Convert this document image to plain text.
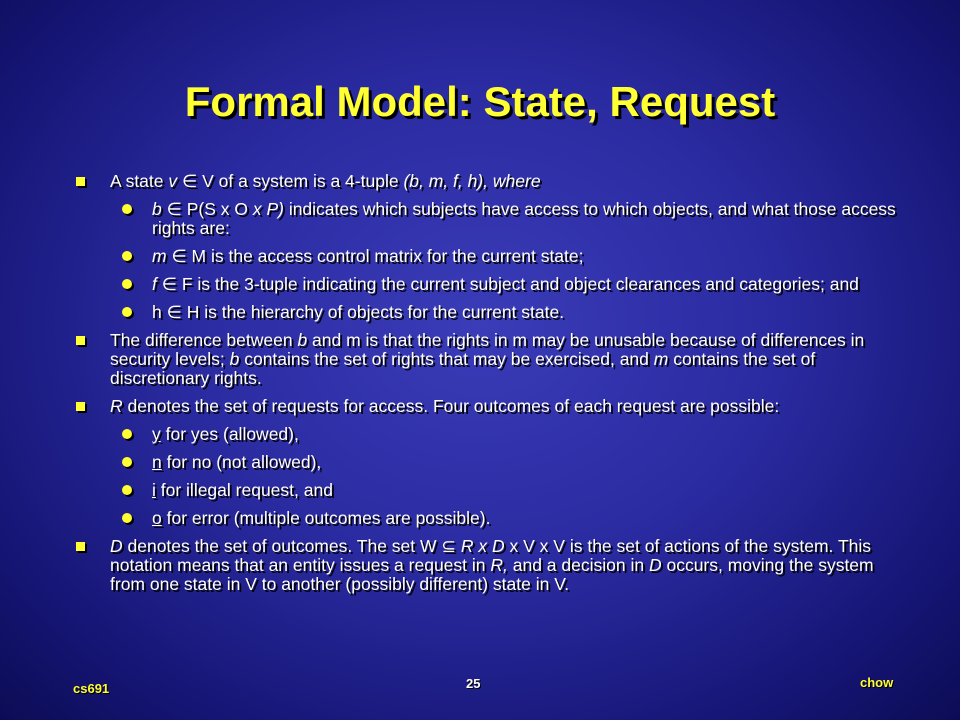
Formal Model: State, Request
A state v ∈ V of a system is a 4-tuple (b, m, f, h), where
b ∈ P(S x O x P) indicates which subjects have access to which objects, and what those access rights are:
m ∈ M is the access control matrix for the current state;
f ∈ F is the 3-tuple indicating the current subject and object clearances and categories; and
h ∈ H is the hierarchy of objects for the current state.
The difference between b and m is that the rights in m may be unusable because of differences in security levels; b contains the set of rights that may be exercised, and m contains the set of discretionary rights.
R denotes the set of requests for access. Four outcomes of each request are possible:
y for yes (allowed),
n for no (not allowed),
i for illegal request, and
o for error (multiple outcomes are possible).
D denotes the set of outcomes. The set W ⊆ R x D x V x V is the set of actions of the system. This notation means that an entity issues a request in R, and a decision in D occurs, moving the system from one state in V to another (possibly different) state in V.
cs691	25	chow
